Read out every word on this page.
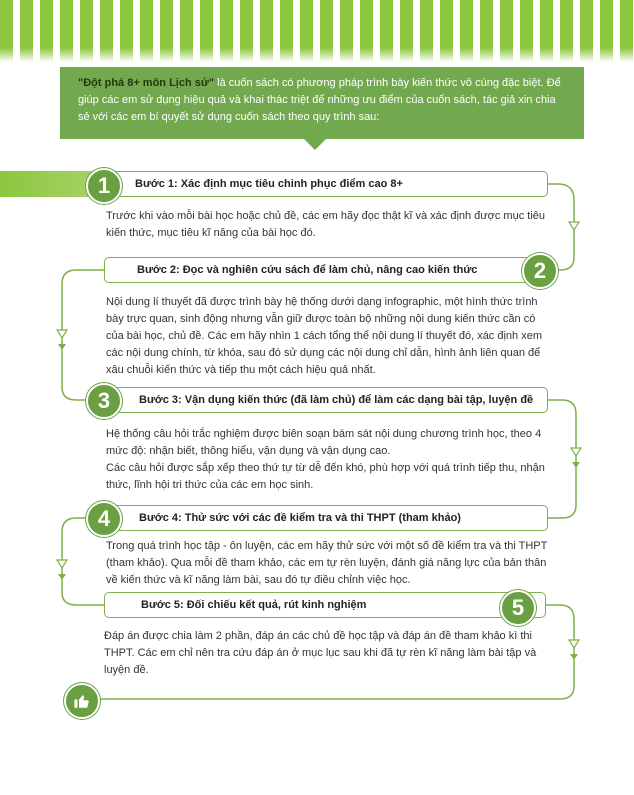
"Đột phá 8+ môn Lịch sử" là cuốn sách có phương pháp trình bày kiến thức vô cùng đặc biệt. Để giúp các em sử dụng hiệu quả và khai thác triệt để những ưu điểm của cuốn sách, tác giả xin chia sẻ với các em bí quyết sử dụng cuốn sách theo quy trình sau:
Bước 1: Xác định mục tiêu chinh phục điểm cao 8+
1

Trước khi vào mỗi bài học hoặc chủ đề, các em hãy đọc thật kĩ và xác định được mục tiêu kiến thức, mục tiêu kĩ năng của bài học đó.

Bước 2: Đọc và nghiên cứu sách để làm chủ, nâng cao kiến thức	2

Nội dung lí thuyết đã được trình bày hệ thống dưới dạng infographic, một hình thức trình bày trực quan, sinh động nhưng vẫn giữ được toàn bộ những nội dung kiến thức cần có của bài học, chủ đề. Các em hãy nhìn 1 cách tổng thể nội dung lí thuyết đó, xác định xem các nội dung chính, từ khóa, sau đó sử dụng các nội dung chỉ dẫn, hình ảnh liên quan để xâu chuỗi kiến thức và tiếp thu một cách hiệu quả nhất.

Bước 3: Vận dụng kiến thức (đã làm chủ) để làm các dạng bài tập, luyện đề
3

Hệ thống câu hỏi trắc nghiệm được biên soạn bám sát nội dung chương trình học, theo 4 mức độ: nhận biết, thông hiểu, vận dụng và vận dụng cao.

Các câu hỏi được sắp xếp theo thứ tự từ dễ đến khó, phù hợp với quá trình tiếp thu, nhận thức, lĩnh hội tri thức của các em học sinh.

Bước 4: Thử sức với các đề kiểm tra và thi THPT (tham khảo)
4

Trong quá trình học tập - ôn luyện, các em hãy thử sức với một số đề kiểm tra và thi THPT (tham khảo). Qua mỗi đề tham khảo, các em tự rèn luyện, đánh giá năng lực của bản thân về kiến thức và kĩ năng làm bài, sau đó tự điều chỉnh việc học.

Bước 5: Đối chiếu kết quả, rút kinh nghiệm	5

Đáp án được chia làm 2 phần, đáp án các chủ đề học tập và đáp án đề tham khảo kì thi THPT. Các em chỉ nên tra cứu đáp án ở mục lục sau khi đã tự rèn kĩ năng làm bài tập và luyện đề.
